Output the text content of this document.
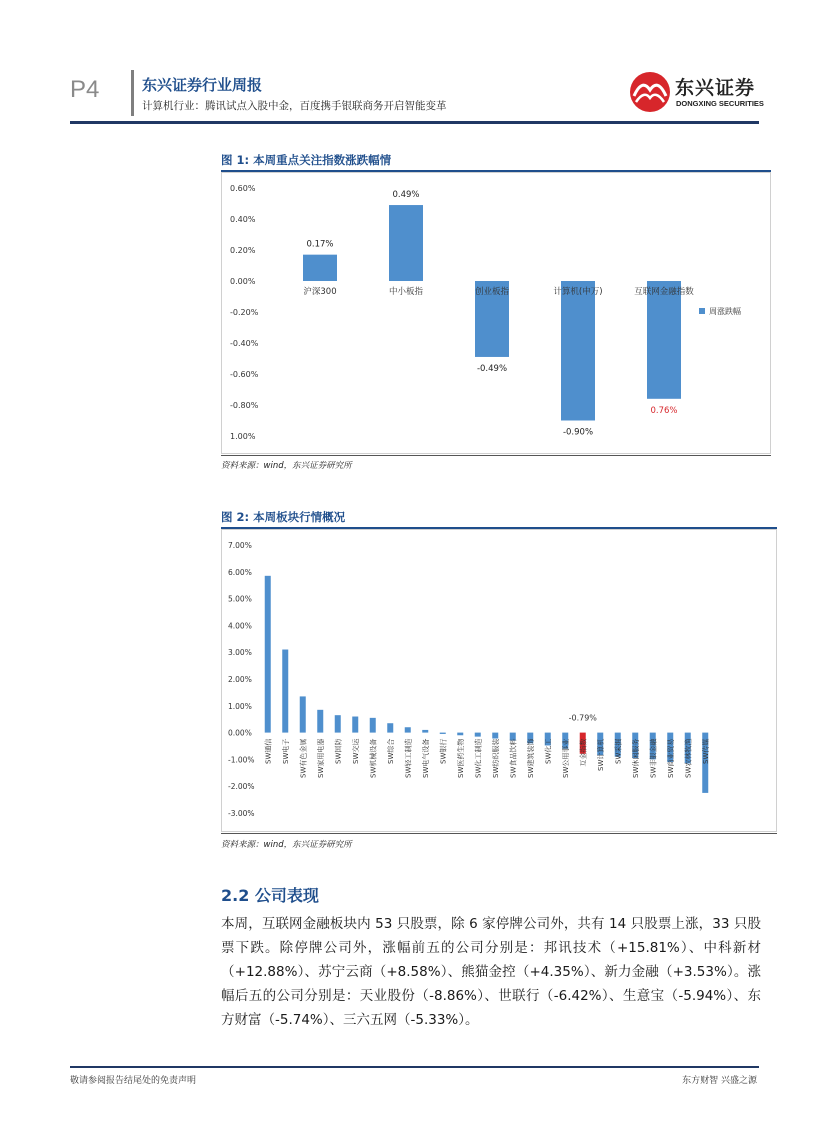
P4	东兴证券行业周报
计算机行业：腾讯试点入股中金，百度携手银联商务开启智能变革
东兴证券
DONGXING SECURITIES
图 1: 本周重点关注指数涨跌幅情
0.60%
0.40%
0.20%
0.00%
-0.20%
-0.40%
-0.60%
-0.80%
1.00%
沪深300
0.17%
中小板指
0.49%
创业板指
-0.49%
计算机(申万)
-0.90%
互联网金融指数
0.76%
周涨跌幅
资料来源：wind，东兴证券研究所
图 2: 本周板块行情概况
7.00%
6.00%
5.00%
4.00%
3.00%
2.00%
1.00%
0.00%
-1.00%
-2.00%
-3.00%
SW通信 SW电子 SW有色金属 SW家用电器 SW国防 SW交运 SW机械设备 SW综合 SW轻工制造 SW电气设备 SW银行 SW医药生物 SW化工制造 SW纺织服装 SW食品饮料 SW建筑装饰 SW化工 SW公用事业 互金指数
-0.79%
SW计算机 SW采掘 SW休闲服务 SW非银金融 SW商业贸易 SW农林牧渔 SW传媒
资料来源：wind，东兴证券研究所
2.2 公司表现
本周，互联网金融板块内 53 只股票，除 6 家停牌公司外，共有 14 只股票上涨，33 只股票下跌。除停牌公司外，涨幅前五的公司分别是：邦讯技术（+15.81%）、中科新材（+12.88%）、苏宁云商（+8.58%）、熊猫金控（+4.35%）、新力金融（+3.53%）。涨幅后五的公司分别是：天业股份（-8.86%）、世联行（-6.42%）、生意宝（-5.94%）、东方财富（-5.74%）、三六五网（-5.33%）。
敬请参阅报告结尾处的免责声明	东方财智 兴盛之源
